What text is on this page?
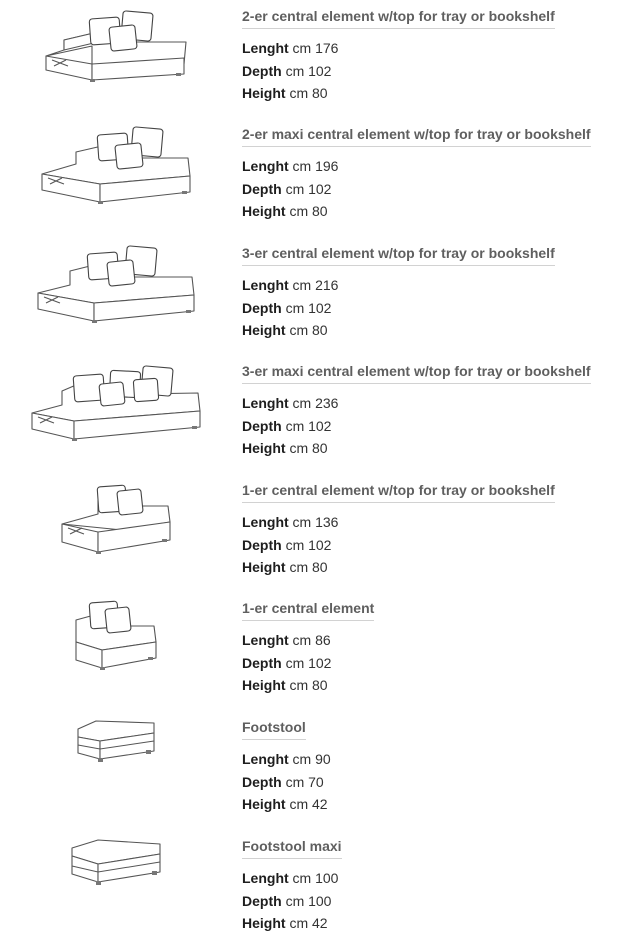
2-er central element w/top for tray or bookshelf
Lenght cm 176
Depth cm 102
Height cm 80
2-er maxi central element w/top for tray or bookshelf
Lenght cm 196
Depth cm 102
Height cm 80
3-er central element w/top for tray or bookshelf
Lenght cm 216
Depth cm 102
Height cm 80
3-er maxi central element w/top for tray or bookshelf
Lenght cm 236
Depth cm 102
Height cm 80
1-er central element w/top for tray or bookshelf
Lenght cm 136
Depth cm 102
Height cm 80
1-er central element
Lenght cm 86
Depth cm 102
Height cm 80
Footstool
Lenght cm 90
Depth cm 70
Height cm 42
Footstool maxi
Lenght cm 100
Depth cm 100
Height cm 42
